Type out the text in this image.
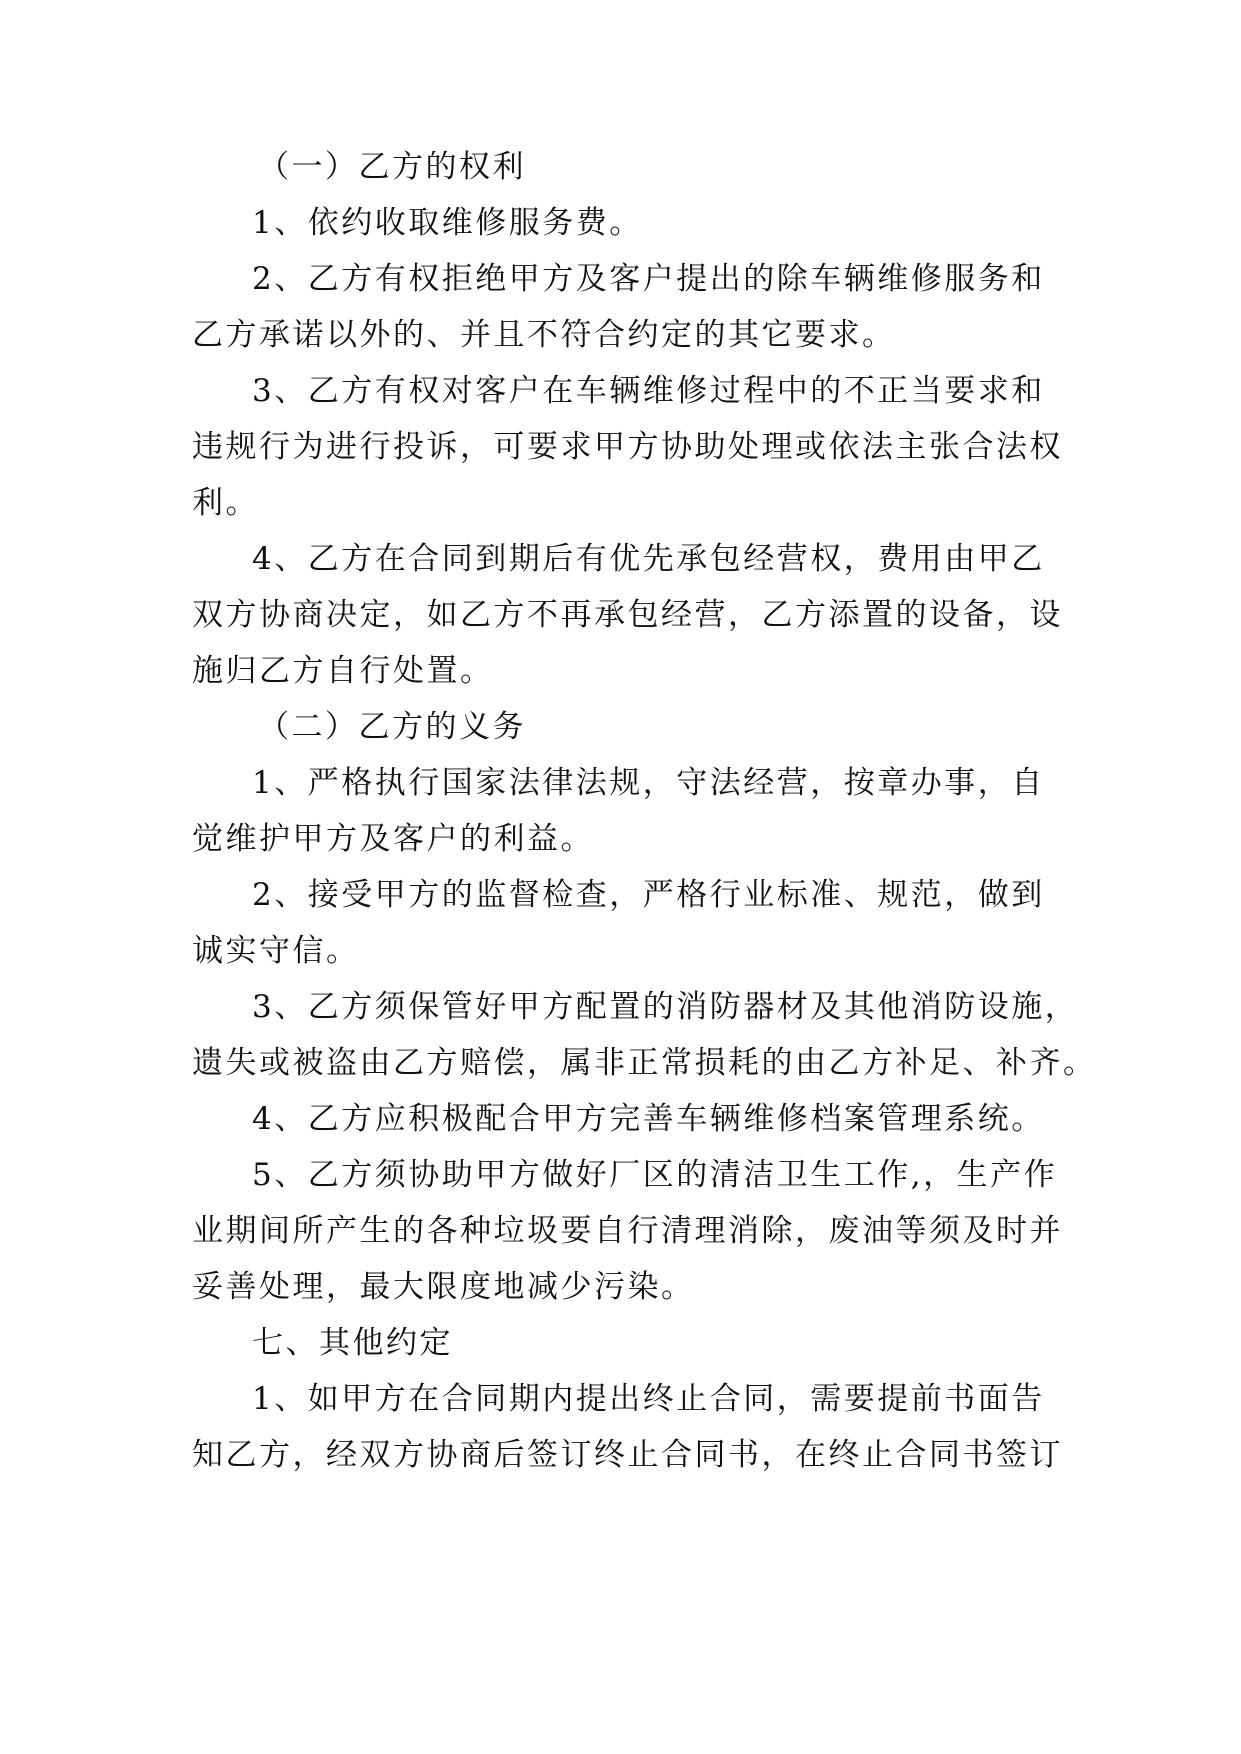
（一）乙方的权利
1、依约收取维修服务费。
2、乙方有权拒绝甲方及客户提出的除车辆维修服务和
乙方承诺以外的、并且不符合约定的其它要求。
3、乙方有权对客户在车辆维修过程中的不正当要求和
违规行为进行投诉，可要求甲方协助处理或依法主张合法权
利。
4、乙方在合同到期后有优先承包经营权，费用由甲乙
双方协商决定，如乙方不再承包经营，乙方添置的设备，设
施归乙方自行处置。
（二）乙方的义务
1、严格执行国家法律法规，守法经营，按章办事，自
觉维护甲方及客户的利益。
2、接受甲方的监督检查，严格行业标准、规范，做到
诚实守信。
3、乙方须保管好甲方配置的消防器材及其他消防设施，
遗失或被盗由乙方赔偿，属非正常损耗的由乙方补足、补齐。
4、乙方应积极配合甲方完善车辆维修档案管理系统。
5、乙方须协助甲方做好厂区的清洁卫生工作,，生产作
业期间所产生的各种垃圾要自行清理消除，废油等须及时并
妥善处理，最大限度地减少污染。
七、其他约定
1、如甲方在合同期内提出终止合同，需要提前书面告
知乙方，经双方协商后签订终止合同书，在终止合同书签订
